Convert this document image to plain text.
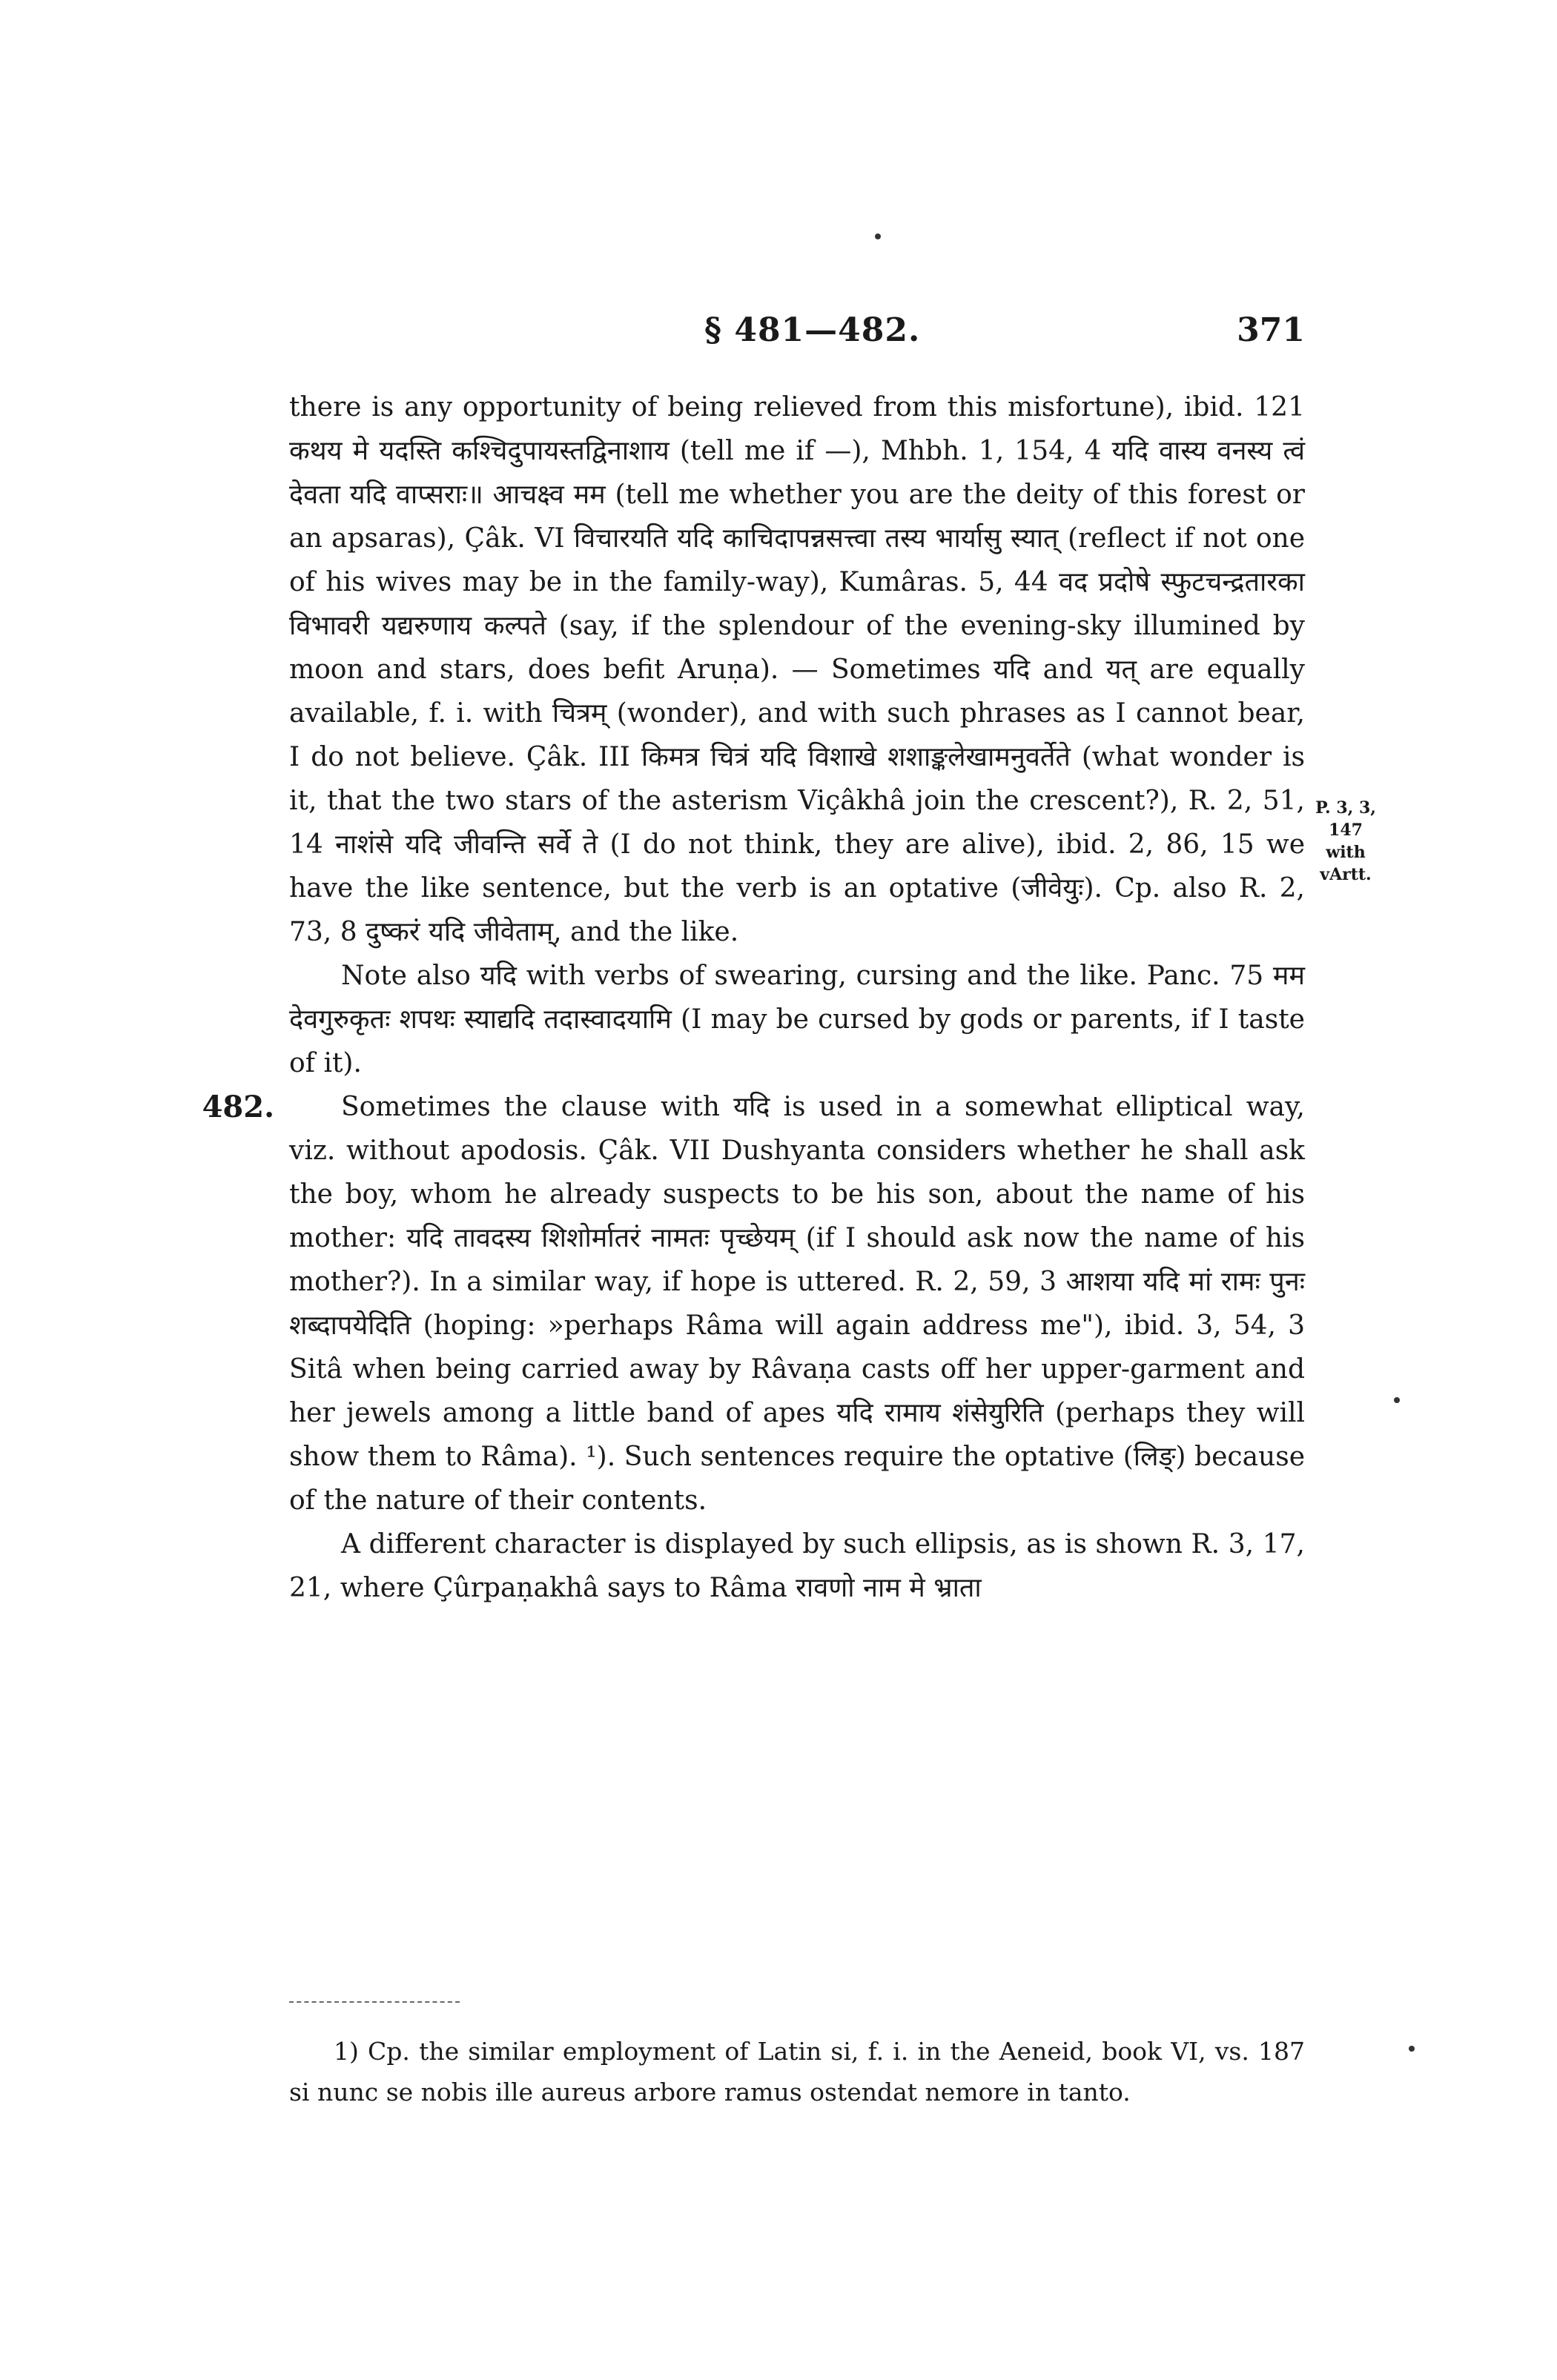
§ 481—482.	371
P. 3, 3, 147
with vArtt.

there is any opportunity of being relieved from this misfortune), ibid. 121 कथय मे यदस्ति कश्चिदुपायस्तद्विनाशाय (tell me if —), Mhbh. 1, 154, 4 यदि वास्य वनस्य त्वं देवता यदि वाप्सराः॥ आचक्ष्व मम (tell me whether you are the deity of this forest or an apsaras), Çâk. VI विचारयति यदि काचिदापन्नसत्त्वा तस्य भार्यासु स्यात् (reflect if not one of his wives may be in the family-way), Kumâras. 5, 44 वद प्रदोषे स्फुटचन्द्रतारका विभावरी यद्यरुणाय कल्पते (say, if the splendour of the evening-sky illumined by moon and stars, does befit Aruṇa). — Sometimes यदि and यत् are equally available, f. i. with चित्रम् (wonder), and with such phrases as I cannot bear, I do not believe. Çâk. III किमत्र चित्रं यदि विशाखे शशाङ्कलेखामनुवर्तेते (what wonder is it, that the two stars of the asterism Viçâkhâ join the crescent?), R. 2, 51, 14 नाशंसे यदि जीवन्ति सर्वे ते (I do not think, they are alive), ibid. 2, 86, 15 we have the like sentence, but the verb is an optative (जीवेयुः). Cp. also R. 2, 73, 8 दुष्करं यदि जीवेताम्, and the like.

Note also यदि with verbs of swearing, cursing and the like. Panc. 75 मम देवगुरुकृतः शपथः स्याद्यदि तदास्वादयामि (I may be cursed by gods or parents, if I taste of it).

482.	Sometimes the clause with यदि is used in a somewhat elliptical way, viz. without apodosis. Çâk. VII Dushyanta considers whether he shall ask the boy, whom he already suspects to be his son, about the name of his mother: यदि तावदस्य शिशोर्मातरं नामतः पृच्छेयम् (if I should ask now the name of his mother?). In a similar way, if hope is uttered. R. 2, 59, 3 आशया यदि मां रामः पुनः शब्दापयेदिति (hoping: »perhaps Râma will again address me"), ibid. 3, 54, 3 Sitâ when being carried away by Râvaṇa casts off her upper-garment and her jewels among a little band of apes यदि रामाय शंसेयुरिति (perhaps they will show them to Râma). ¹). Such sentences require the optative (लिङ्) because of the nature of their contents.

A different character is displayed by such ellipsis, as is shown R. 3, 17, 21, where Çûrpaṇakhâ says to Râma रावणो नाम मे भ्राता

1) Cp. the similar employment of Latin si, f. i. in the Aeneid, book VI, vs. 187 si nunc se nobis ille aureus arbore ramus ostendat nemore in tanto.
